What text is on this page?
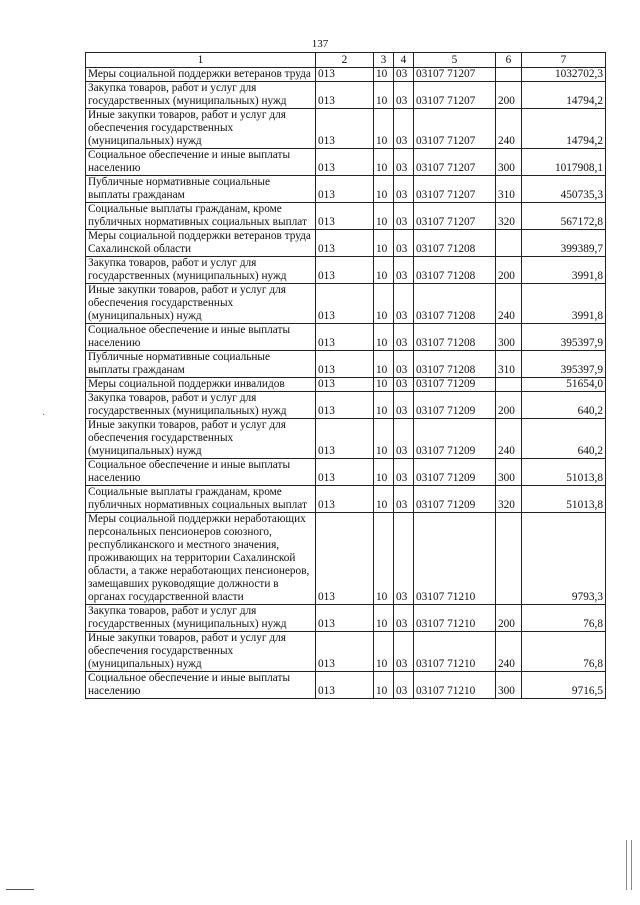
137
1	2	3	4	5	6	7
Меры социальной поддержки ветеранов труда	013	10	03	03107 71207		1032702,3
Закупка товаров, работ и услуг для государственных (муниципальных) нужд	013	10	03	03107 71207	200	14794,2
Иные закупки товаров, работ и услуг для обеспечения государственных (муниципальных) нужд	013	10	03	03107 71207	240	14794,2
Социальное обеспечение и иные выплаты населению	013	10	03	03107 71207	300	1017908,1
Публичные нормативные социальные выплаты гражданам	013	10	03	03107 71207	310	450735,3
Социальные выплаты гражданам, кроме публичных нормативных социальных выплат	013	10	03	03107 71207	320	567172,8
Меры социальной поддержки ветеранов труда Сахалинской области	013	10	03	03107 71208		399389,7
Закупка товаров, работ и услуг для государственных (муниципальных) нужд	013	10	03	03107 71208	200	3991,8
Иные закупки товаров, работ и услуг для обеспечения государственных (муниципальных) нужд	013	10	03	03107 71208	240	3991,8
Социальное обеспечение и иные выплаты населению	013	10	03	03107 71208	300	395397,9
Публичные нормативные социальные выплаты гражданам	013	10	03	03107 71208	310	395397,9
Меры социальной поддержки инвалидов	013	10	03	03107 71209		51654,0
Закупка товаров, работ и услуг для государственных (муниципальных) нужд	013	10	03	03107 71209	200	640,2
Иные закупки товаров, работ и услуг для обеспечения государственных (муниципальных) нужд	013	10	03	03107 71209	240	640,2
Социальное обеспечение и иные выплаты населению	013	10	03	03107 71209	300	51013,8
Социальные выплаты гражданам, кроме публичных нормативных социальных выплат	013	10	03	03107 71209	320	51013,8
Меры социальной поддержки неработающих персональных пенсионеров союзного, республиканского и местного значения, проживающих на территории Сахалинской области, а также неработающих пенсионеров, замещавших руководящие должности в органах государственной власти	013	10	03	03107 71210		9793,3
Закупка товаров, работ и услуг для государственных (муниципальных) нужд	013	10	03	03107 71210	200	76,8
Иные закупки товаров, работ и услуг для обеспечения государственных (муниципальных) нужд	013	10	03	03107 71210	240	76,8
Социальное обеспечение и иные выплаты населению	013	10	03	03107 71210	300	9716,5
·
